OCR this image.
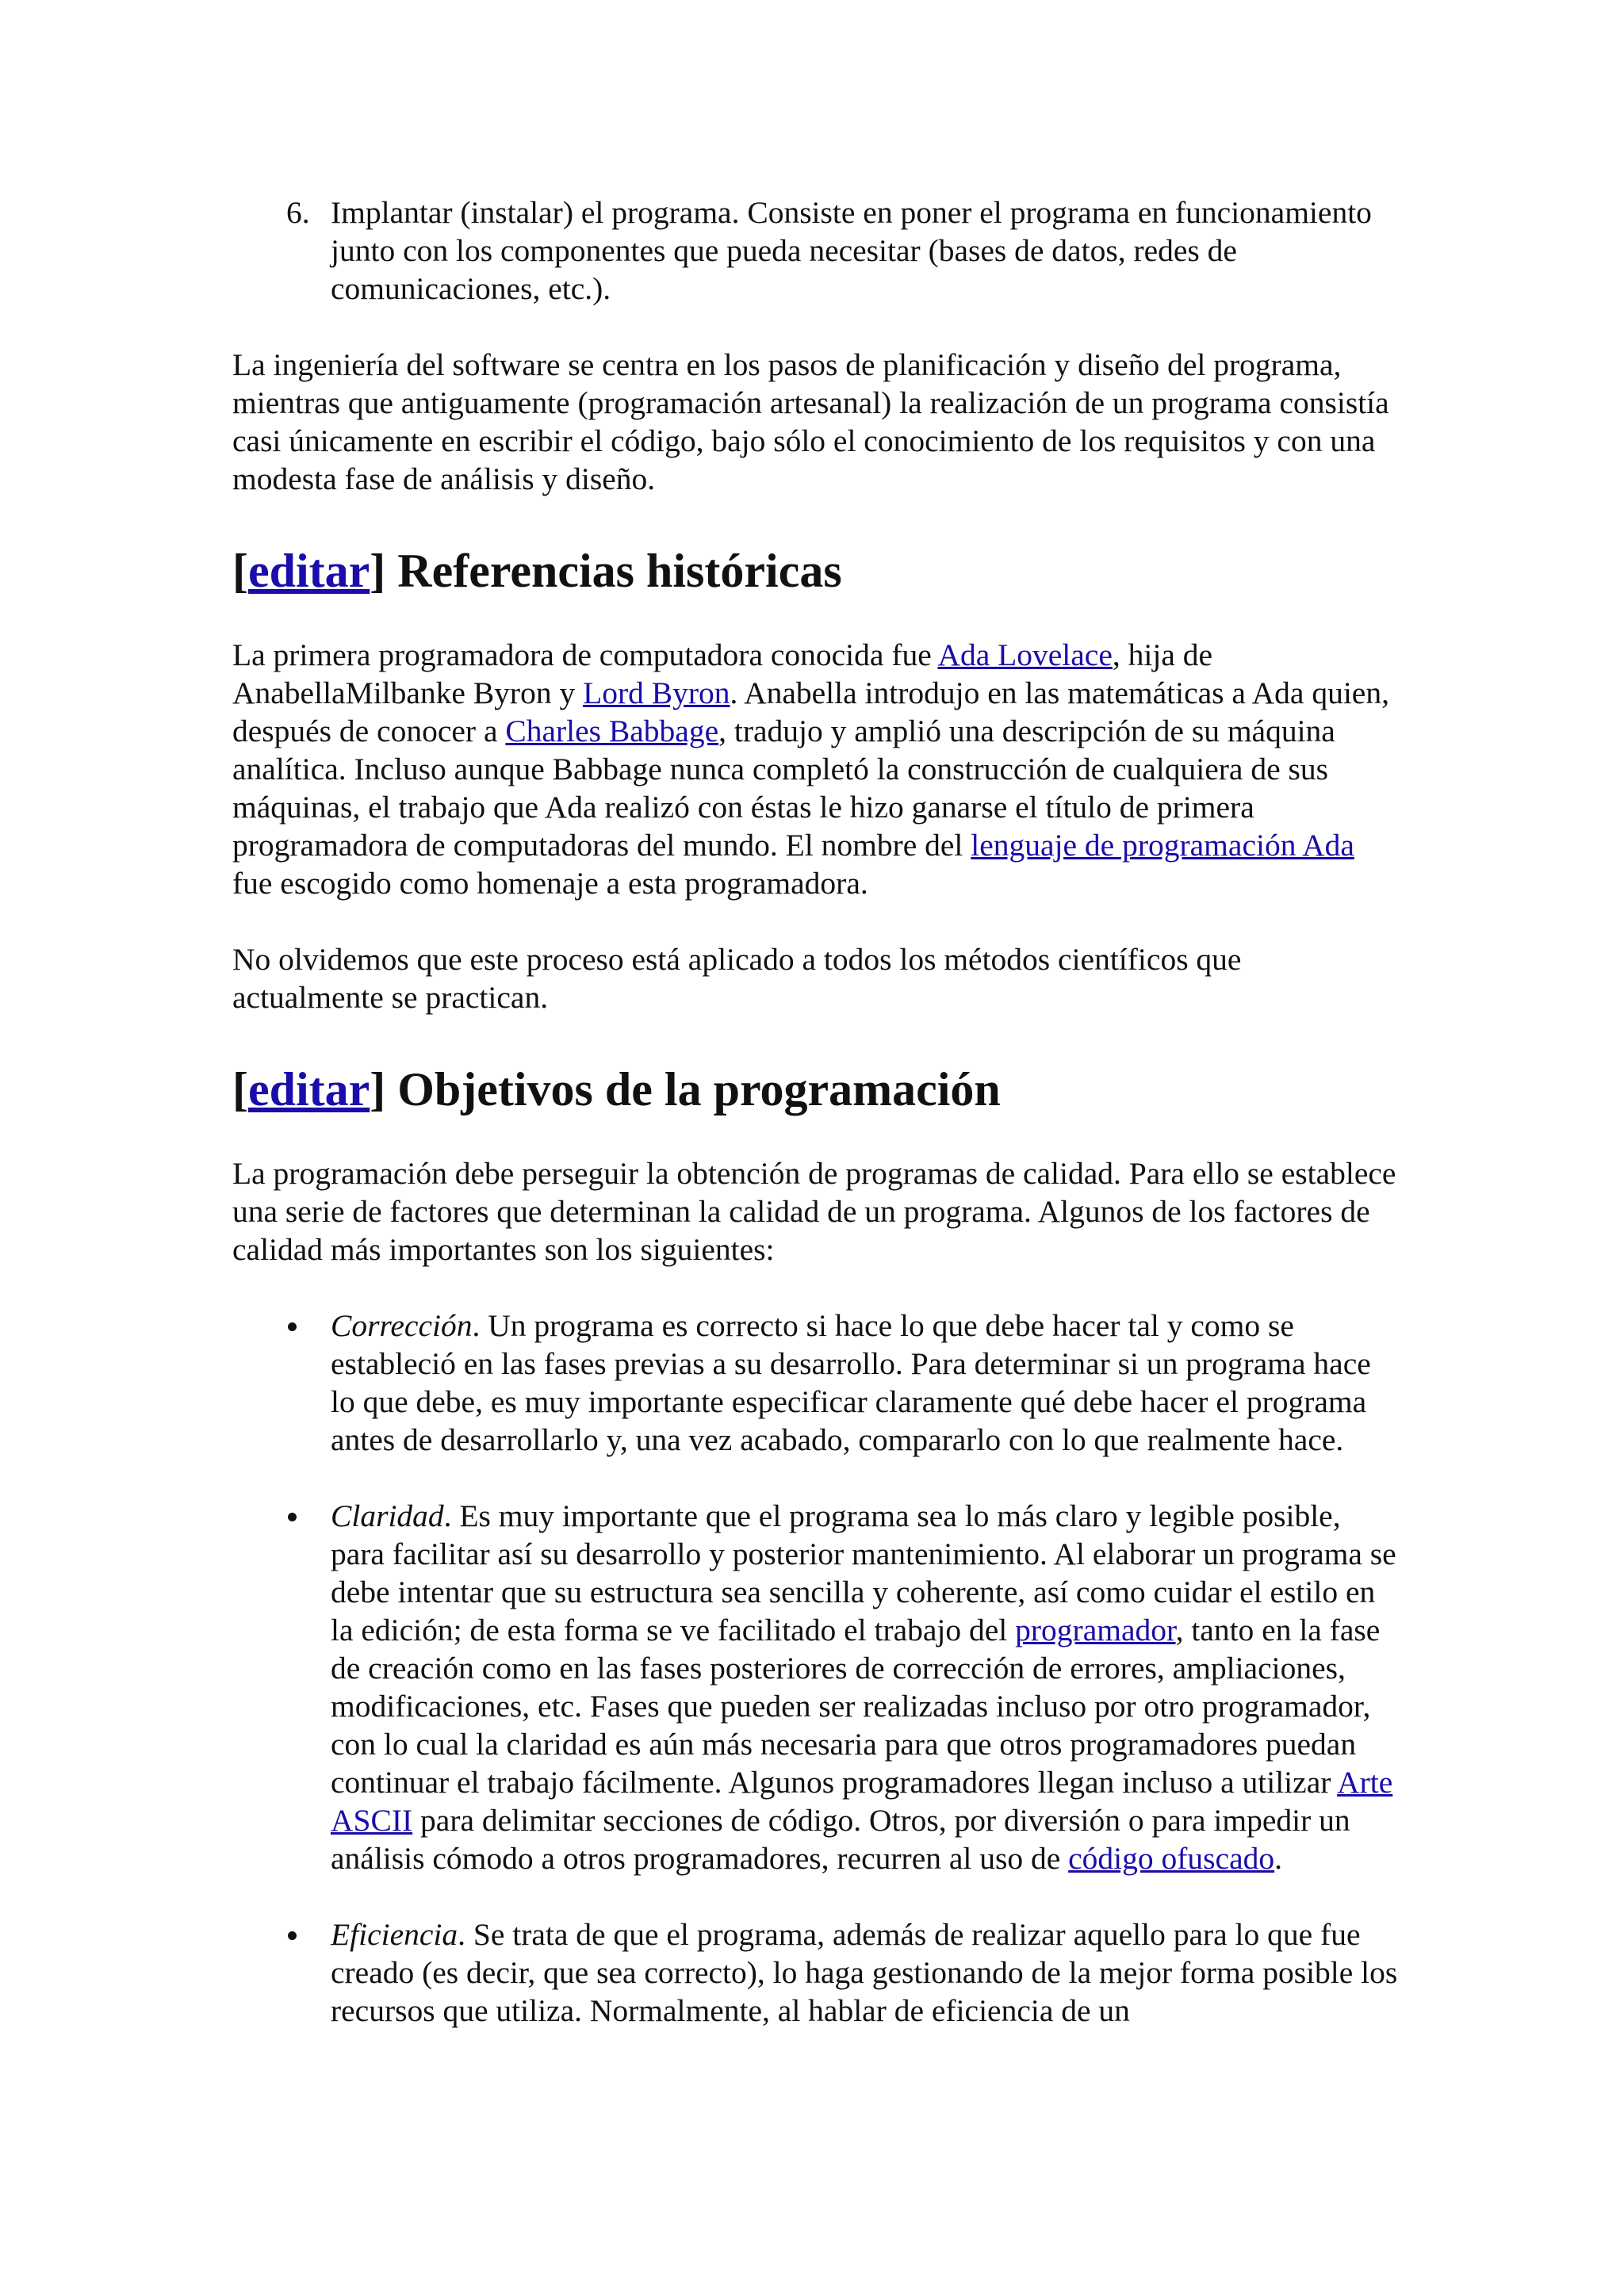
6. Implantar (instalar) el programa. Consiste en poner el programa en funcionamiento junto con los componentes que pueda necesitar (bases de datos, redes de comunicaciones, etc.).

La ingeniería del software se centra en los pasos de planificación y diseño del programa, mientras que antiguamente (programación artesanal) la realización de un programa consistía casi únicamente en escribir el código, bajo sólo el conocimiento de los requisitos y con una modesta fase de análisis y diseño.

[editar] Referencias históricas

La primera programadora de computadora conocida fue Ada Lovelace, hija de AnabellaMilbanke Byron y Lord Byron. Anabella introdujo en las matemáticas a Ada quien, después de conocer a Charles Babbage, tradujo y amplió una descripción de su máquina analítica. Incluso aunque Babbage nunca completó la construcción de cualquiera de sus máquinas, el trabajo que Ada realizó con éstas le hizo ganarse el título de primera programadora de computadoras del mundo. El nombre del lenguaje de programación Ada fue escogido como homenaje a esta programadora.

No olvidemos que este proceso está aplicado a todos los métodos científicos que actualmente se practican.

[editar] Objetivos de la programación

La programación debe perseguir la obtención de programas de calidad. Para ello se establece una serie de factores que determinan la calidad de un programa. Algunos de los factores de calidad más importantes son los siguientes:

Corrección. Un programa es correcto si hace lo que debe hacer tal y como se estableció en las fases previas a su desarrollo. Para determinar si un programa hace lo que debe, es muy importante especificar claramente qué debe hacer el programa antes de desarrollarlo y, una vez acabado, compararlo con lo que realmente hace.
Claridad. Es muy importante que el programa sea lo más claro y legible posible, para facilitar así su desarrollo y posterior mantenimiento. Al elaborar un programa se debe intentar que su estructura sea sencilla y coherente, así como cuidar el estilo en la edición; de esta forma se ve facilitado el trabajo del programador, tanto en la fase de creación como en las fases posteriores de corrección de errores, ampliaciones, modificaciones, etc. Fases que pueden ser realizadas incluso por otro programador, con lo cual la claridad es aún más necesaria para que otros programadores puedan continuar el trabajo fácilmente. Algunos programadores llegan incluso a utilizar Arte ASCII para delimitar secciones de código. Otros, por diversión o para impedir un análisis cómodo a otros programadores, recurren al uso de código ofuscado.
Eficiencia. Se trata de que el programa, además de realizar aquello para lo que fue creado (es decir, que sea correcto), lo haga gestionando de la mejor forma posible los recursos que utiliza. Normalmente, al hablar de eficiencia de un
